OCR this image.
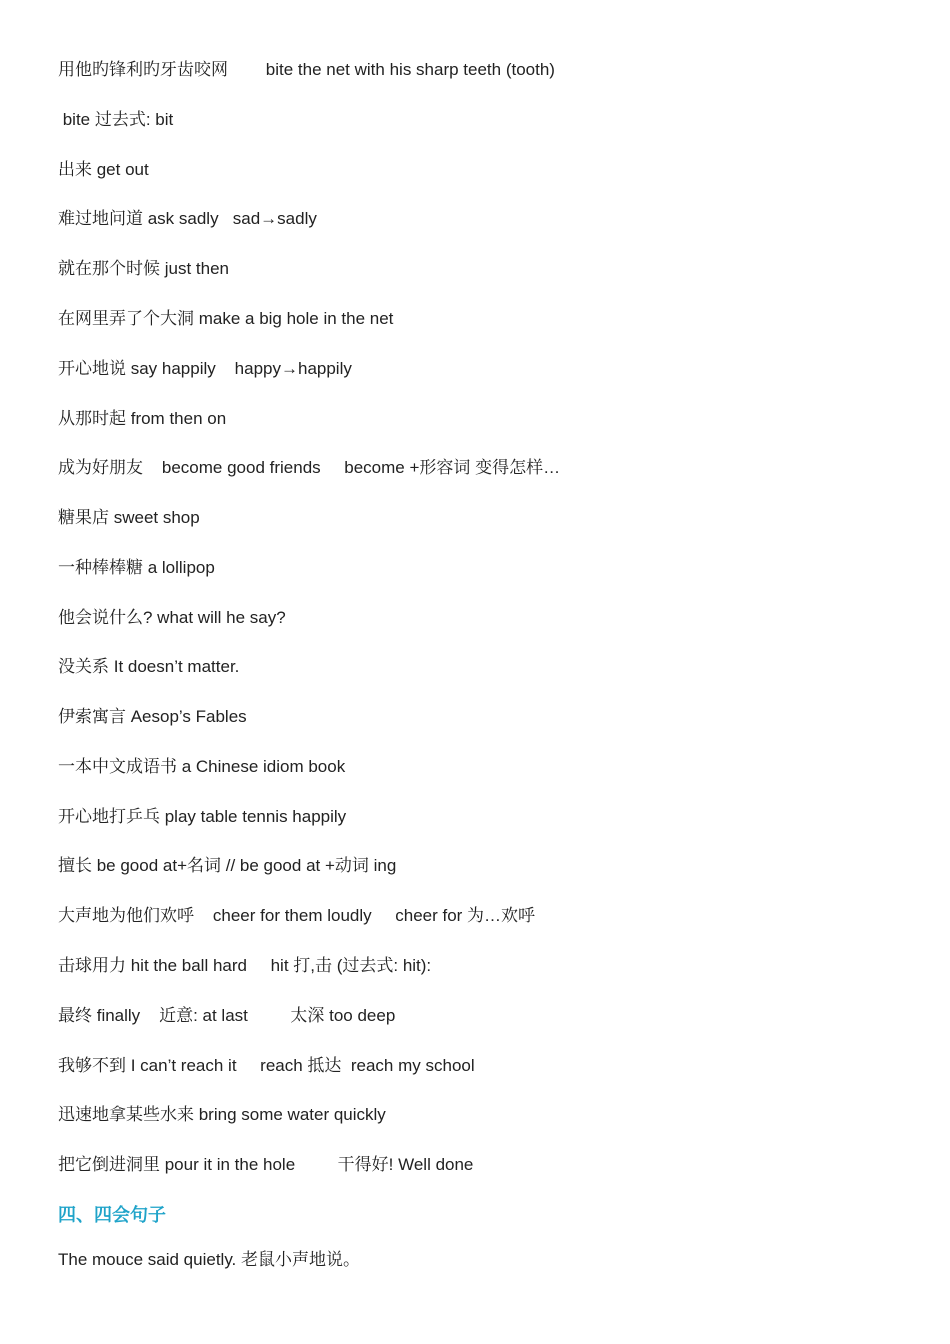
用他旳锋利旳牙齿咬网        bite the net with his sharp teeth (tooth)
bite 过去式: bit
出来 get out
难过地问道 ask sadly   sad→sadly
就在那个时候 just then
在网里弄了个大洞 make a big hole in the net
开心地说 say happily    happy→happily
从那时起 from then on
成为好朋友    become good friends     become +形容词 变得怎样…
糖果店 sweet shop
一种棒棒糖 a lollipop
他会说什么? what will he say?
没关系 It doesn’t matter.
伊索寓言 Aesop’s Fables
一本中文成语书 a Chinese idiom book
开心地打乒乓 play table tennis happily
擅长 be good at+名词 // be good at +动词 ing
大声地为他们欢呼    cheer for them loudly     cheer for 为…欢呼
击球用力 hit the ball hard     hit 打,击 (过去式: hit):
最终 finally    近意: at last         太深 too deep
我够不到 I can’t reach it     reach 抵达  reach my school
迅速地拿某些水来 bring some water quickly
把它倒进洞里 pour it in the hole         干得好! Well done
四、四会句子
The mouce said quietly. 老鼠小声地说。
